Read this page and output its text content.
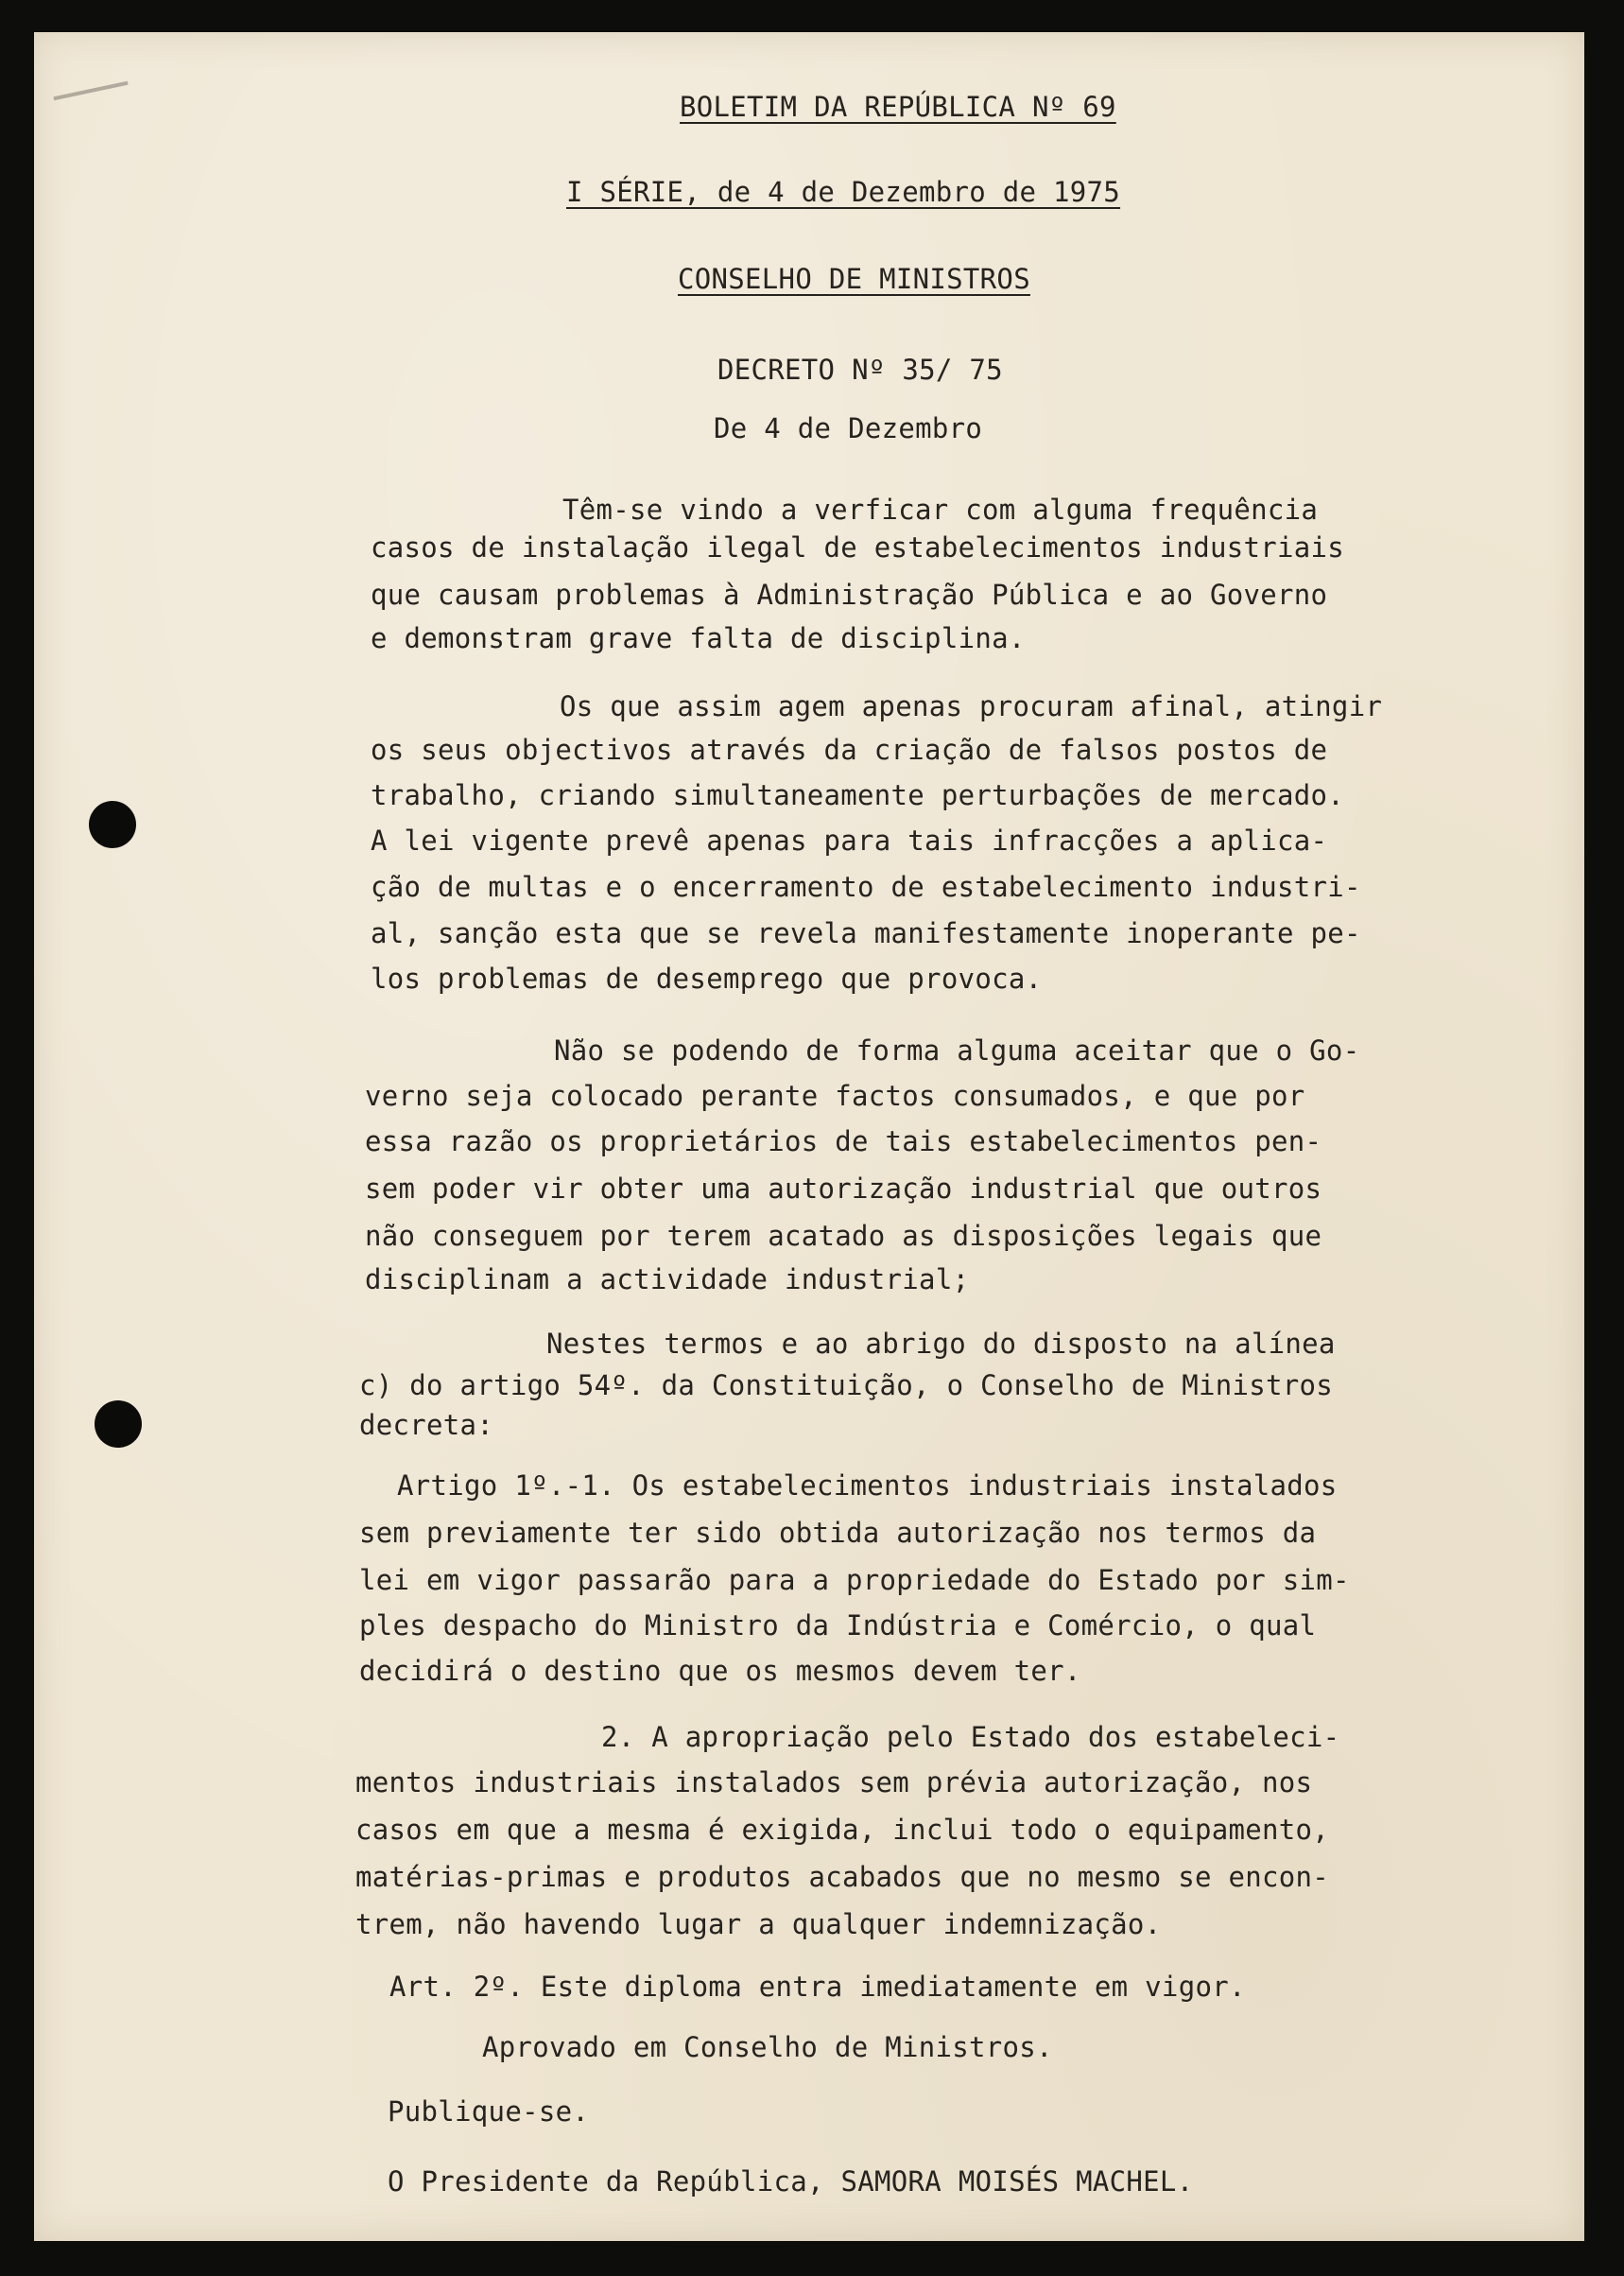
BOLETIM DA REPÚBLICA Nº 69

I SÉRIE, de 4 de Dezembro de 1975

CONSELHO DE MINISTROS

DECRETO Nº 35/ 75

De 4 de Dezembro

Têm-se vindo a verficar com alguma frequência

casos de instalação ilegal de estabelecimentos industriais

que causam problemas à Administração Pública e ao Governo

e demonstram grave falta de disciplina.

Os que assim agem apenas procuram afinal, atingir

os seus objectivos através da criação de falsos postos de

trabalho, criando simultaneamente perturbações de mercado.

A lei vigente prevê apenas para tais infracções a aplica-

ção de multas e o encerramento de estabelecimento industri-

al, sanção esta que se revela manifestamente inoperante pe-

los problemas de desemprego que provoca.

Não se podendo de forma alguma aceitar que o Go-

verno seja colocado perante factos consumados, e que por

essa razão os proprietários de tais estabelecimentos pen-

sem poder vir obter uma autorização industrial que outros

não conseguem por terem acatado as disposições legais que

disciplinam a actividade industrial;

Nestes termos e ao abrigo do disposto na alínea

c) do artigo 54º. da Constituição, o Conselho de Ministros

decreta:

Artigo 1º.-1. Os estabelecimentos industriais instalados

sem previamente ter sido obtida autorização nos termos da

lei em vigor passarão para a propriedade do Estado por sim-

ples despacho do Ministro da Indústria e Comércio, o qual

decidirá o destino que os mesmos devem ter.

2. A apropriação pelo Estado dos estabeleci-

mentos industriais instalados sem prévia autorização, nos

casos em que a mesma é exigida, inclui todo o equipamento,

matérias-primas e produtos acabados que no mesmo se encon-

trem, não havendo lugar a qualquer indemnização.

Art. 2º. Este diploma entra imediatamente em vigor.

Aprovado em Conselho de Ministros.

Publique-se.

O Presidente da República, SAMORA MOISÉS MACHEL.
